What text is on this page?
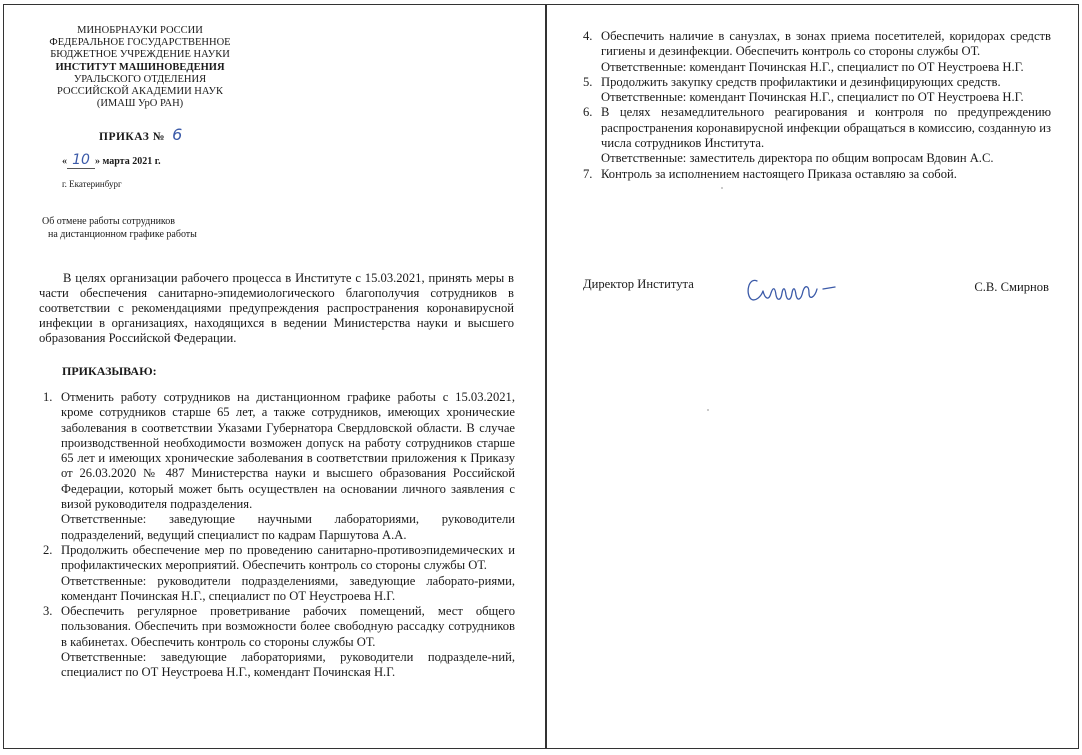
МИНОБРНАУКИ РОССИИ
ФЕДЕРАЛЬНОЕ ГОСУДАРСТВЕННОЕ
БЮДЖЕТНОЕ УЧРЕЖДЕНИЕ НАУКИ
ИНСТИТУТ МАШИНОВЕДЕНИЯ
УРАЛЬСКОГО ОТДЕЛЕНИЯ
РОССИЙСКОЙ АКАДЕМИИ НАУК
(ИМАШ УрО РАН)
ПРИКАЗ № 6
« 10 » марта 2021 г.
г. Екатеринбург
Об отмене работы сотрудников
на дистанционном графике работы
В целях организации рабочего процесса в Институте с 15.03.2021, принять меры в части обеспечения санитарно-эпидемиологического благополучия сотрудников в соответствии с рекомендациями предупреждения распространения коронавирусной инфекции в организациях, находящихся в ведении Министерства науки и высшего образования Российской Федерации.
ПРИКАЗЫВАЮ:
1. Отменить работу сотрудников на дистанционном графике работы с 15.03.2021, кроме сотрудников старше 65 лет, а также сотрудников, имеющих хронические заболевания в соответствии Указами Губернатора Свердловской области. В случае производственной необходимости возможен допуск на работу сотрудников старше 65 лет и имеющих хронические заболевания в соответствии приложения к Приказу от 26.03.2020 № 487 Министерства науки и высшего образования Российской Федерации, который может быть осуществлен на основании личного заявления с визой руководителя подразделения.
Ответственные: заведующие научными лабораториями, руководители подразделений, ведущий специалист по кадрам Паршутова А.А.
2. Продолжить обеспечение мер по проведению санитарно-противоэпидемических и профилактических мероприятий. Обеспечить контроль со стороны службы ОТ.
Ответственные: руководители подразделениями, заведующие лаборато-риями, комендант Починская Н.Г., специалист по ОТ Неустроева Н.Г.
3. Обеспечить регулярное проветривание рабочих помещений, мест общего пользования. Обеспечить при возможности более свободную рассадку сотрудников в кабинетах. Обеспечить контроль со стороны службы ОТ.
Ответственные: заведующие лабораториями, руководители подразделе-ний, специалист по ОТ Неустроева Н.Г., комендант Починская Н.Г.
4. Обеспечить наличие в санузлах, в зонах приема посетителей, коридорах средств гигиены и дезинфекции. Обеспечить контроль со стороны службы ОТ.
Ответственные: комендант Починская Н.Г., специалист по ОТ Неустроева Н.Г.
5. Продолжить закупку средств профилактики и дезинфицирующих средств.
Ответственные: комендант Починская Н.Г., специалист по ОТ Неустроева Н.Г.
6. В целях незамедлительного реагирования и контроля по предупреждению распространения коронавирусной инфекции обращаться в комиссию, созданную из числа сотрудников Института.
Ответственные: заместитель директора по общим вопросам Вдовин А.С.
7. Контроль за исполнением настоящего Приказа оставляю за собой.
Директор Института	С.В. Смирнов
